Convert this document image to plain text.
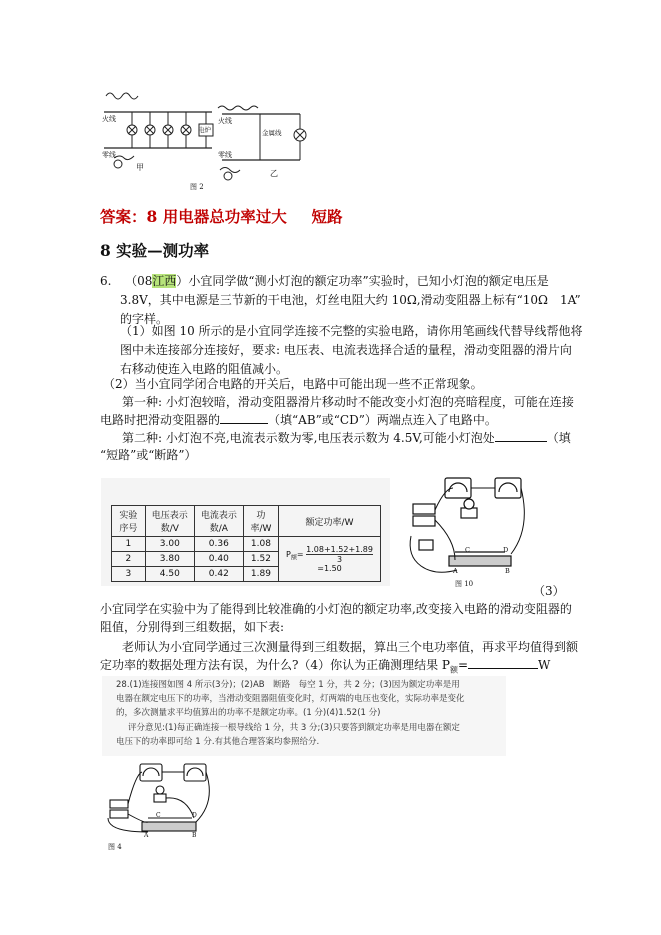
火线
零线
电炉
甲
火线
金属线
零线
乙
图 2
答案：8 用电器总功率过大 短路
8 实验—测功率
6. （08江西）小宜同学做“测小灯泡的额定功率”实验时，已知小灯泡的额定电压是
3.8V，其中电源是三节新的干电池，灯丝电阻大约 10Ω,滑动变阻器上标有“10Ω　1A”
的字样。
（1）如图 10 所示的是小宜同学连接不完整的实验电路，请你用笔画线代替导线帮他将
图中未连接部分连接好，要求: 电压表、电流表选择合适的量程，滑动变阻器的滑片向
右移动使连入电路的阻值减小。
（2）当小宜同学闭合电路的开关后，电路中可能出现一些不正常现象。
第一种: 小灯泡较暗，滑动变阻器滑片移动时不能改变小灯泡的亮暗程度，可能在连接
电路时把滑动变阻器的	（填“AB”或“CD”）两端点连入了电路中。
第二种: 小灯泡不亮,电流表示数为零,电压表示数为 4.5V,可能小灯泡处	（填
“短路”或“断路”）
实验序号	电压表示数/V	电流表示数/A	功率/W	额定功率/W
1	3.00	0.36	1.08	$P_额= \frac{1.08+1.52+1.89}{3}$
=1.50
2	3.80	0.40	1.52	
3	4.50	0.42	1.89	
C	D
A	B
图 10	（3）
小宜同学在实验中为了能得到比较准确的小灯泡的额定功率,改变接入电路的滑动变阻器的
阻值，分别得到三组数据，如下表:
老师认为小宜同学通过三次测量得到三组数据，算出三个电功率值，再求平均值得到额
定功率的数据处理方法有误，为什么?（4）你认为正确测理结果 $P_额=$	W
28.(1)连接图如图 4 所示(3分)；(2)AB　断路　每空 1 分，共 2 分；(3)因为额定功率是用
电器在额定电压下的功率，当滑动变阻器阻值变化时，灯两端的电压也变化，实际功率是变化
的，多次测量求平均值算出的功率不是额定功率。(1 分)(4)1.52(1 分)
评分意见:(1)每正确连接一根导线给 1 分，共 3 分;(3)只要答到额定功率是用电器在额定
电压下的功率即可给 1 分.有其他合理答案均参照给分.
C	D
A	B
图 4
